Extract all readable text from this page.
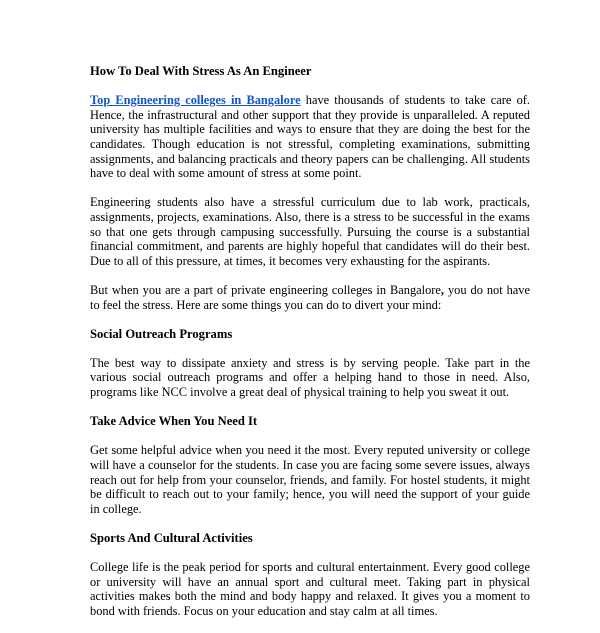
How To Deal With Stress As An Engineer

Top Engineering colleges in Bangalore have thousands of students to take care of. Hence, the infrastructural and other support that they provide is unparalleled. A reputed university has multiple facilities and ways to ensure that they are doing the best for the candidates. Though education is not stressful, completing examinations, submitting assignments, and balancing practicals and theory papers can be challenging. All students have to deal with some amount of stress at some point.

Engineering students also have a stressful curriculum due to lab work, practicals, assignments, projects, examinations. Also, there is a stress to be successful in the exams so that one gets through campusing successfully. Pursuing the course is a substantial financial commitment, and parents are highly hopeful that candidates will do their best. Due to all of this pressure, at times, it becomes very exhausting for the aspirants.

But when you are a part of private engineering colleges in Bangalore, you do not have to feel the stress. Here are some things you can do to divert your mind:

Social Outreach Programs

The best way to dissipate anxiety and stress is by serving people. Take part in the various social outreach programs and offer a helping hand to those in need. Also, programs like NCC involve a great deal of physical training to help you sweat it out.

Take Advice When You Need It

Get some helpful advice when you need it the most. Every reputed university or college will have a counselor for the students. In case you are facing some severe issues, always reach out for help from your counselor, friends, and family. For hostel students, it might be difficult to reach out to your family; hence, you will need the support of your guide in college.

Sports And Cultural Activities

College life is the peak period for sports and cultural entertainment. Every good college or university will have an annual sport and cultural meet. Taking part in physical activities makes both the mind and body happy and relaxed. It gives you a moment to bond with friends. Focus on your education and stay calm at all times.
